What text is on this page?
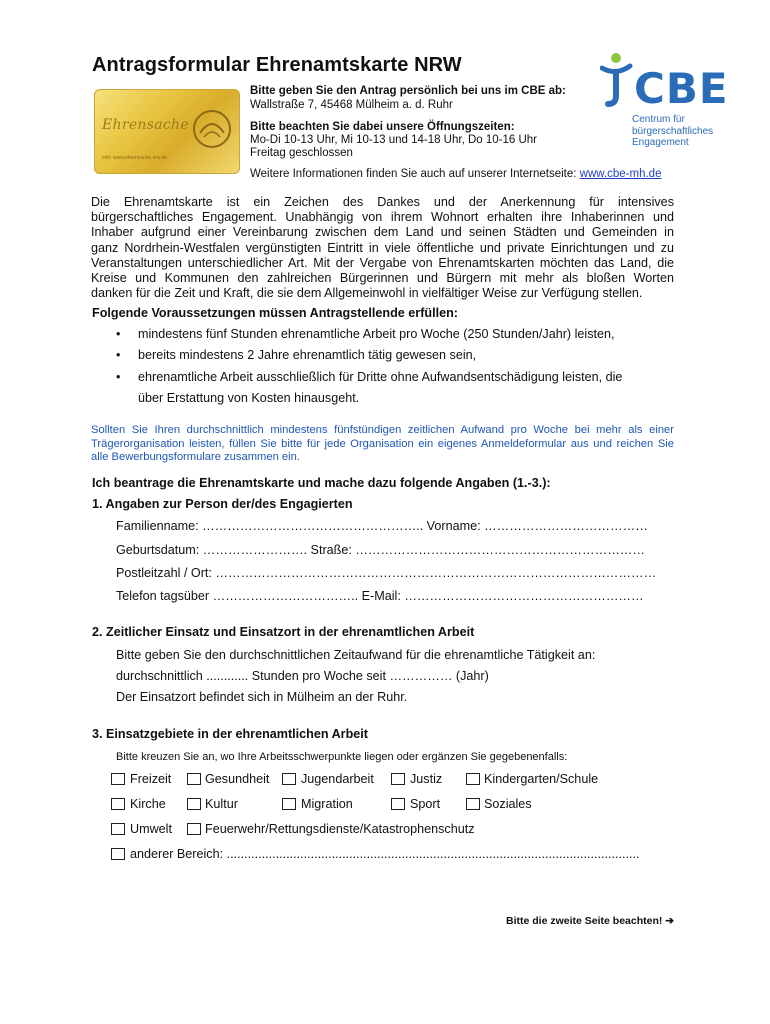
Antragsformular Ehrenamtskarte NRW
Ehrensache
Info: www.ehrensache.nrw.de
Bitte geben Sie den Antrag persönlich bei uns im CBE ab:
Wallstraße 7, 45468 Mülheim a. d. Ruhr
Bitte beachten Sie dabei unsere Öffnungszeiten:
Mo-Di 10-13 Uhr, Mi 10-13 und 14-18 Uhr, Do 10-16 Uhr
Freitag geschlossen
Weitere Informationen finden Sie auch auf unserer Internetseite: www.cbe-mh.de
CBE
Centrum für
bürgerschaftliches
Engagement
Die Ehrenamtskarte ist ein Zeichen des Dankes und der Anerkennung für intensives
bürgerschaftliches Engagement. Unabhängig von ihrem Wohnort erhalten ihre Inhaberinnen und
Inhaber aufgrund einer Vereinbarung zwischen dem Land und seinen Städten und Gemeinden in
ganz Nordrhein-Westfalen vergünstigten Eintritt in viele öffentliche und private Einrichtungen und zu
Veranstaltungen unterschiedlicher Art. Mit der Vergabe von Ehrenamtskarten möchten das Land, die
Kreise und Kommunen den zahlreichen Bürgerinnen und Bürgern mit mehr als bloßen Worten
danken für die Zeit und Kraft, die sie dem Allgemeinwohl in vielfältiger Weise zur Verfügung stellen.
Folgende Voraussetzungen müssen Antragstellende erfüllen:
• mindestens fünf Stunden ehrenamtliche Arbeit pro Woche (250 Stunden/Jahr) leisten,
• bereits mindestens 2 Jahre ehrenamtlich tätig gewesen sein,
• ehrenamtliche Arbeit ausschließlich für Dritte ohne Aufwandsentschädigung leisten, die
über Erstattung von Kosten hinausgeht.
Sollten Sie Ihren durchschnittlich mindestens fünfstündigen zeitlichen Aufwand pro Woche bei mehr als einer
Trägerorganisation leisten, füllen Sie bitte für jede Organisation ein eigenes Anmeldeformular aus und reichen Sie
alle Bewerbungsformulare zusammen ein.
Ich beantrage die Ehrenamtskarte und mache dazu folgende Angaben (1.-3.):
1. Angaben zur Person der/des Engagierten
Familienname: …………………………………………….. Vorname: …………………………………
Geburtsdatum: ……………………. Straße: ……………………………………………………………
Postleitzahl / Ort: ……………………………………………………………………………………………
Telefon tagsüber …………………………….. E-Mail: …………………………………………………
2. Zeitlicher Einsatz und Einsatzort in der ehrenamtlichen Arbeit
Bitte geben Sie den durchschnittlichen Zeitaufwand für die ehrenamtliche Tätigkeit an:
durchschnittlich ............ Stunden pro Woche seit …………… (Jahr)
Der Einsatzort befindet sich in Mülheim an der Ruhr.
3. Einsatzgebiete in der ehrenamtlichen Arbeit
Bitte kreuzen Sie an, wo Ihre Arbeitsschwerpunkte liegen oder ergänzen Sie gegebenenfalls:
Freizeit	Gesundheit	Jugendarbeit	Justiz	Kindergarten/Schule
Kirche	Kultur	Migration	Sport	Soziales
Umwelt	Feuerwehr/Rettungsdienste/Katastrophenschutz
anderer Bereich: ......................................................................................................................
Bitte die zweite Seite beachten! ➔
